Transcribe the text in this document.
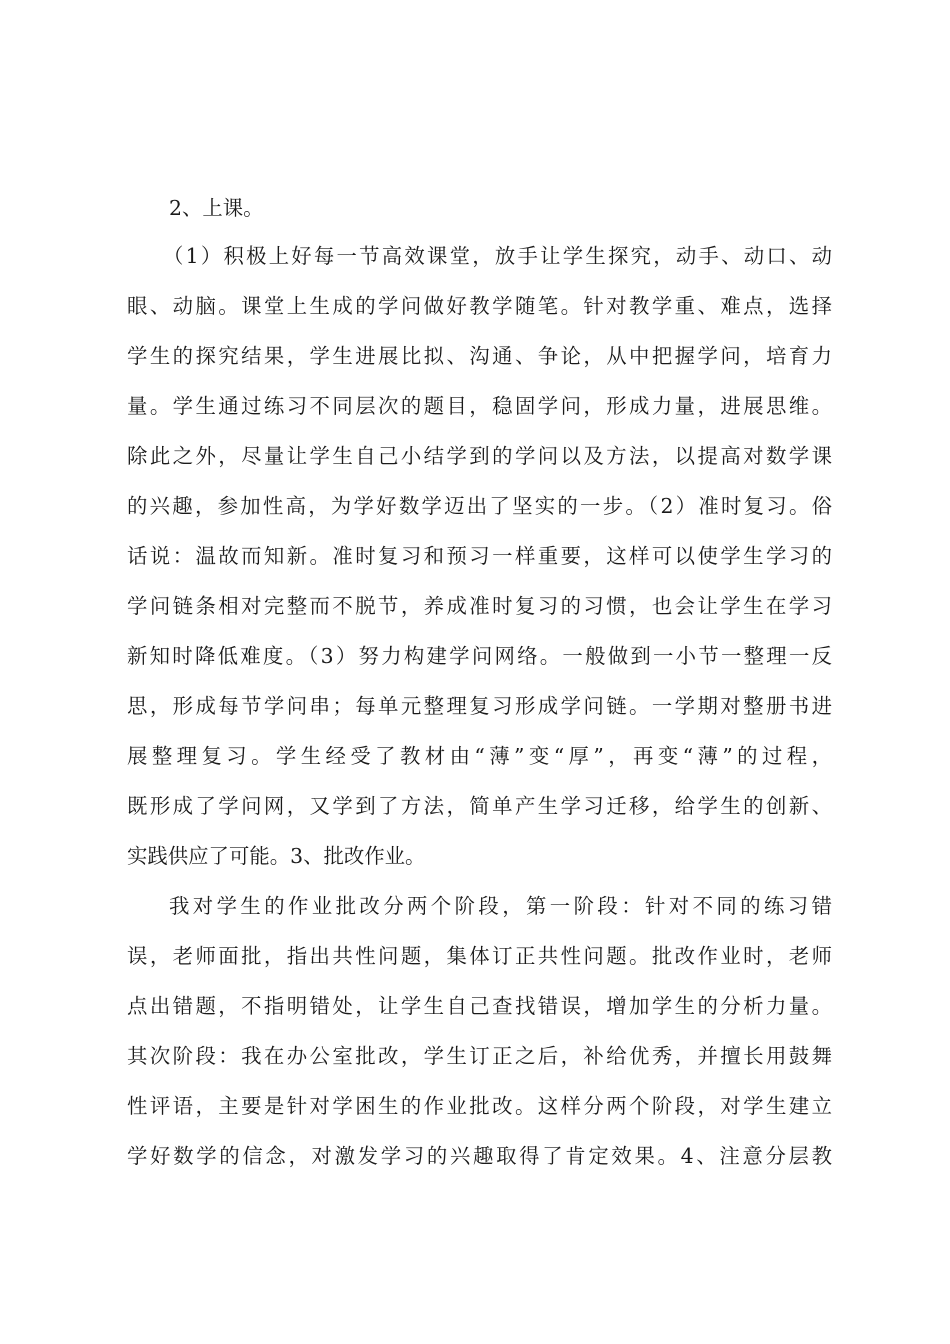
2、上课。
（1）积极上好每一节高效课堂，放手让学生探究，动手、动口、动
眼、动脑。课堂上生成的学问做好教学随笔。针对教学重、难点，选择
学生的探究结果，学生进展比拟、沟通、争论，从中把握学问，培育力
量。学生通过练习不同层次的题目，稳固学问，形成力量，进展思维。
除此之外，尽量让学生自己小结学到的学问以及方法，以提高对数学课
的兴趣，参加性高，为学好数学迈出了坚实的一步。（2）准时复习。俗
话说：温故而知新。准时复习和预习一样重要，这样可以使学生学习的
学问链条相对完整而不脱节，养成准时复习的习惯，也会让学生在学习
新知时降低难度。（3）努力构建学问网络。一般做到一小节一整理一反
思，形成每节学问串；每单元整理复习形成学问链。一学期对整册书进
展整理复习。学生经受了教材由“薄”变“厚”，再变“薄”的过程，
既形成了学问网，又学到了方法，简单产生学习迁移，给学生的创新、
实践供应了可能。3、批改作业。
我对学生的作业批改分两个阶段，第一阶段：针对不同的练习错
误，老师面批，指出共性问题，集体订正共性问题。批改作业时，老师
点出错题，不指明错处，让学生自己查找错误，增加学生的分析力量。
其次阶段：我在办公室批改，学生订正之后，补给优秀，并擅长用鼓舞
性评语，主要是针对学困生的作业批改。这样分两个阶段，对学生建立
学好数学的信念，对激发学习的兴趣取得了肯定效果。4、注意分层教
